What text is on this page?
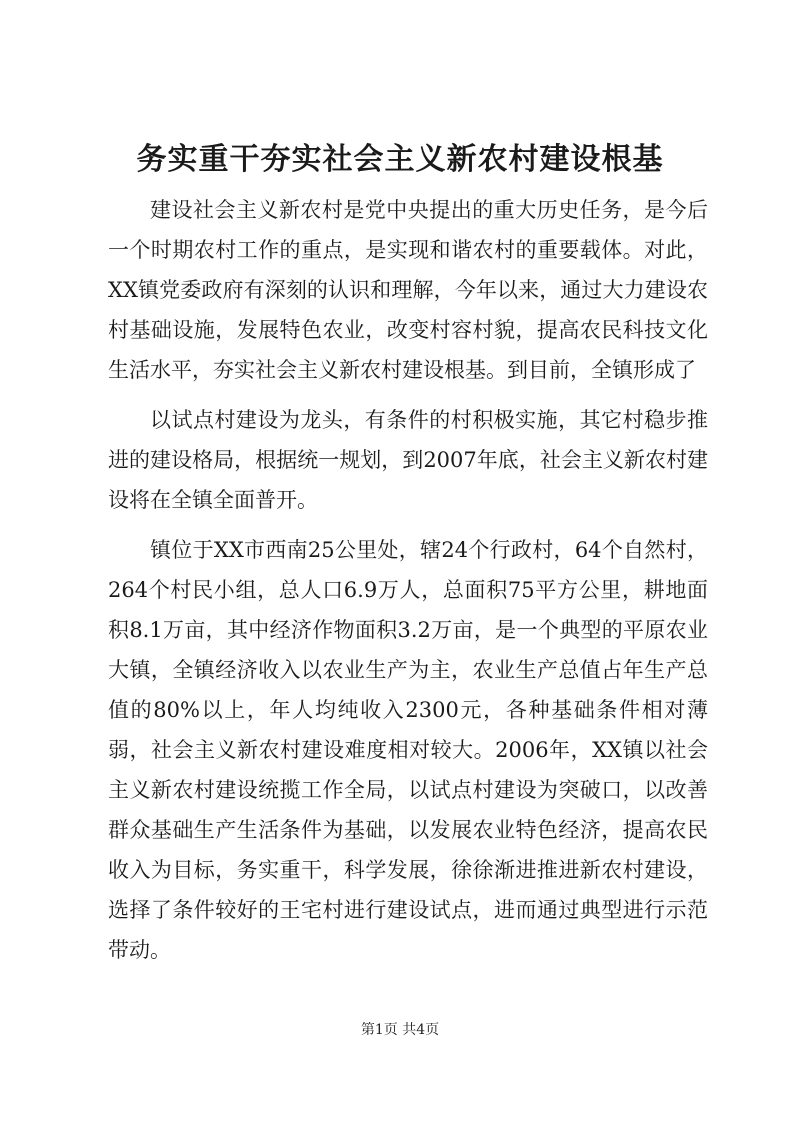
务实重干夯实社会主义新农村建设根基

建设社会主义新农村是党中央提出的重大历史任务，是今后一个时期农村工作的重点，是实现和谐农村的重要载体。对此，XX镇党委政府有深刻的认识和理解，今年以来，通过大力建设农村基础设施，发展特色农业，改变村容村貌，提高农民科技文化生活水平，夯实社会主义新农村建设根基。到目前，全镇形成了

以试点村建设为龙头，有条件的村积极实施，其它村稳步推进的建设格局，根据统一规划，到2007年底，社会主义新农村建设将在全镇全面普开。

镇位于XX市西南25公里处，辖24个行政村，64个自然村，264个村民小组，总人口6.9万人，总面积75平方公里，耕地面积8.1万亩，其中经济作物面积3.2万亩，是一个典型的平原农业大镇，全镇经济收入以农业生产为主，农业生产总值占年生产总值的80%以上，年人均纯收入2300元，各种基础条件相对薄弱，社会主义新农村建设难度相对较大。2006年，XX镇以社会主义新农村建设统揽工作全局，以试点村建设为突破口，以改善群众基础生产生活条件为基础，以发展农业特色经济，提高农民收入为目标，务实重干，科学发展，徐徐渐进推进新农村建设，选择了条件较好的王宅村进行建设试点，进而通过典型进行示范带动。

第1页 共4页
